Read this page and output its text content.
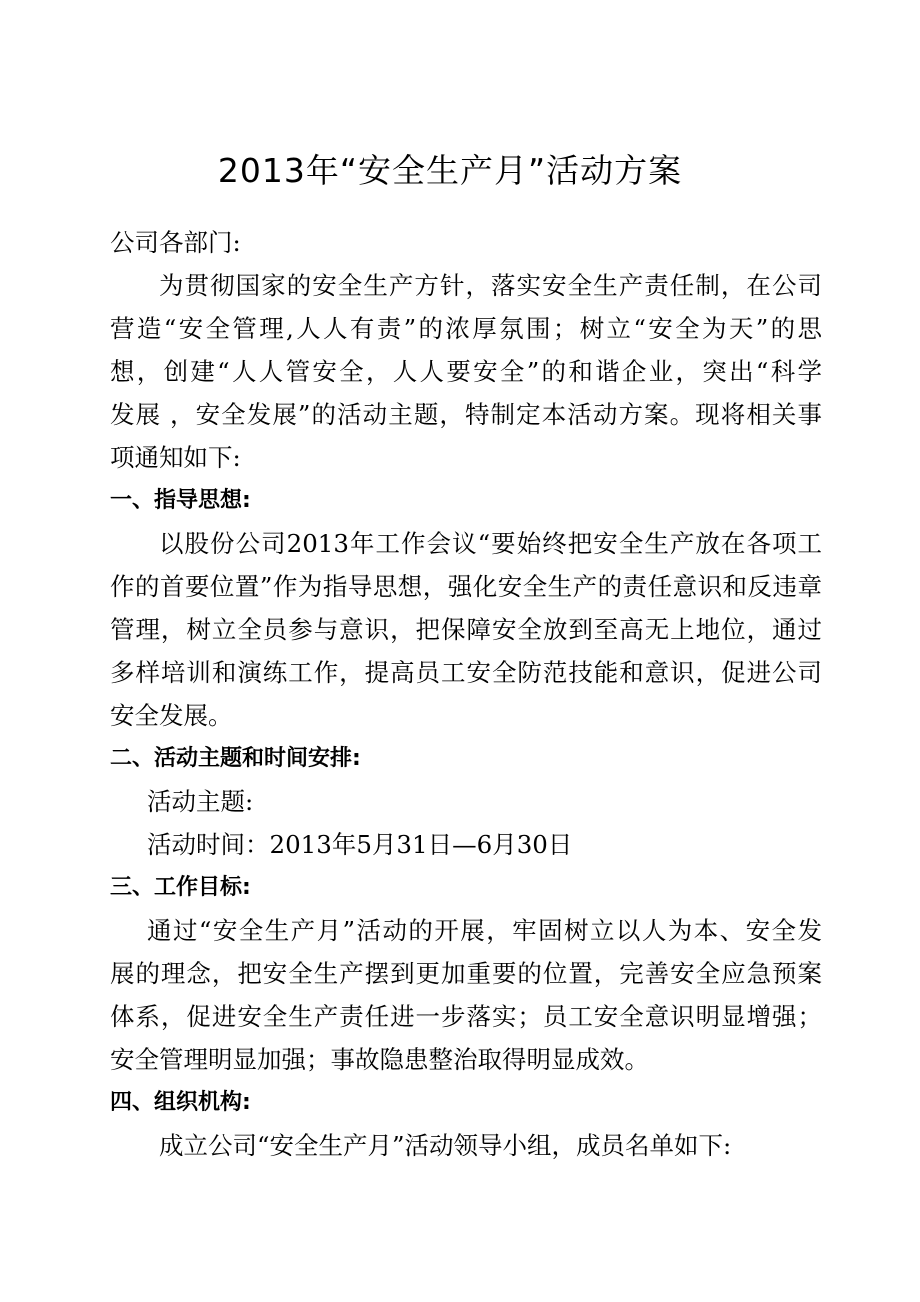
2013年“安全生产月”活动方案
公司各部门:
为贯彻国家的安全生产方针，落实安全生产责任制，在公司
营造“安全管理,人人有责”的浓厚氛围；树立“安全为天”的思
想，创建“人人管安全，人人要安全”的和谐企业，突出“科学
发展 ，安全发展”的活动主题，特制定本活动方案。现将相关事
项通知如下:
一、指导思想:
以股份公司2013年工作会议“要始终把安全生产放在各项工
作的首要位置”作为指导思想，强化安全生产的责任意识和反违章
管理，树立全员参与意识，把保障安全放到至高无上地位，通过
多样培训和演练工作，提高员工安全防范技能和意识，促进公司
安全发展。
二、活动主题和时间安排:
活动主题:
活动时间：2013年5月31日—6月30日
三、工作目标:
通过“安全生产月”活动的开展，牢固树立以人为本、安全发
展的理念，把安全生产摆到更加重要的位置，完善安全应急预案
体系，促进安全生产责任进一步落实；员工安全意识明显增强；
安全管理明显加强；事故隐患整治取得明显成效。
四、组织机构:
成立公司“安全生产月”活动领导小组，成员名单如下:
